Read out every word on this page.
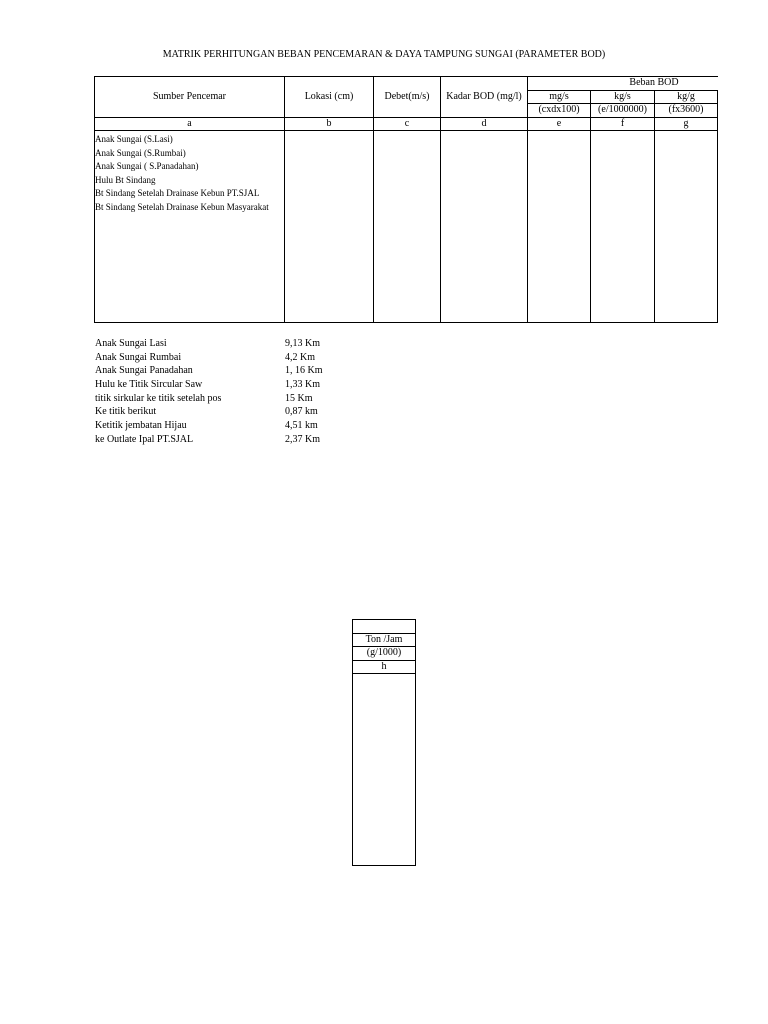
MATRIK PERHITUNGAN BEBAN PENCEMARAN & DAYA TAMPUNG SUNGAI (PARAMETER BOD)
Sumber Pencemar	Lokasi (cm)	Debet(m/s)	Kadar BOD (mg/l)
Beban BOD
mg/s	kg/s	kg/g
(cxdx100)	(e/1000000)	(fx3600)
a	b	c	d	e	f	g
Anak Sungai (S.Lasi)
Anak Sungai (S.Rumbai)
Anak Sungai ( S.Panadahan)
Hulu Bt Sindang
Bt Sindang Setelah Drainase Kebun PT.SJAL
Bt Sindang Setelah Drainase Kebun Masyarakat
Anak Sungai Lasi	9,13 Km
Anak Sungai Rumbai	4,2 Km
Anak Sungai Panadahan	1, 16 Km
Hulu ke Titik Sircular Saw	1,33 Km
titik sirkular ke titik setelah pos	15 Km
Ke titik berikut	0,87 km
Ketitik jembatan Hijau	4,51 km
ke Outlate Ipal PT.SJAL	2,37 Km
Ton /Jam
(g/1000)
h
